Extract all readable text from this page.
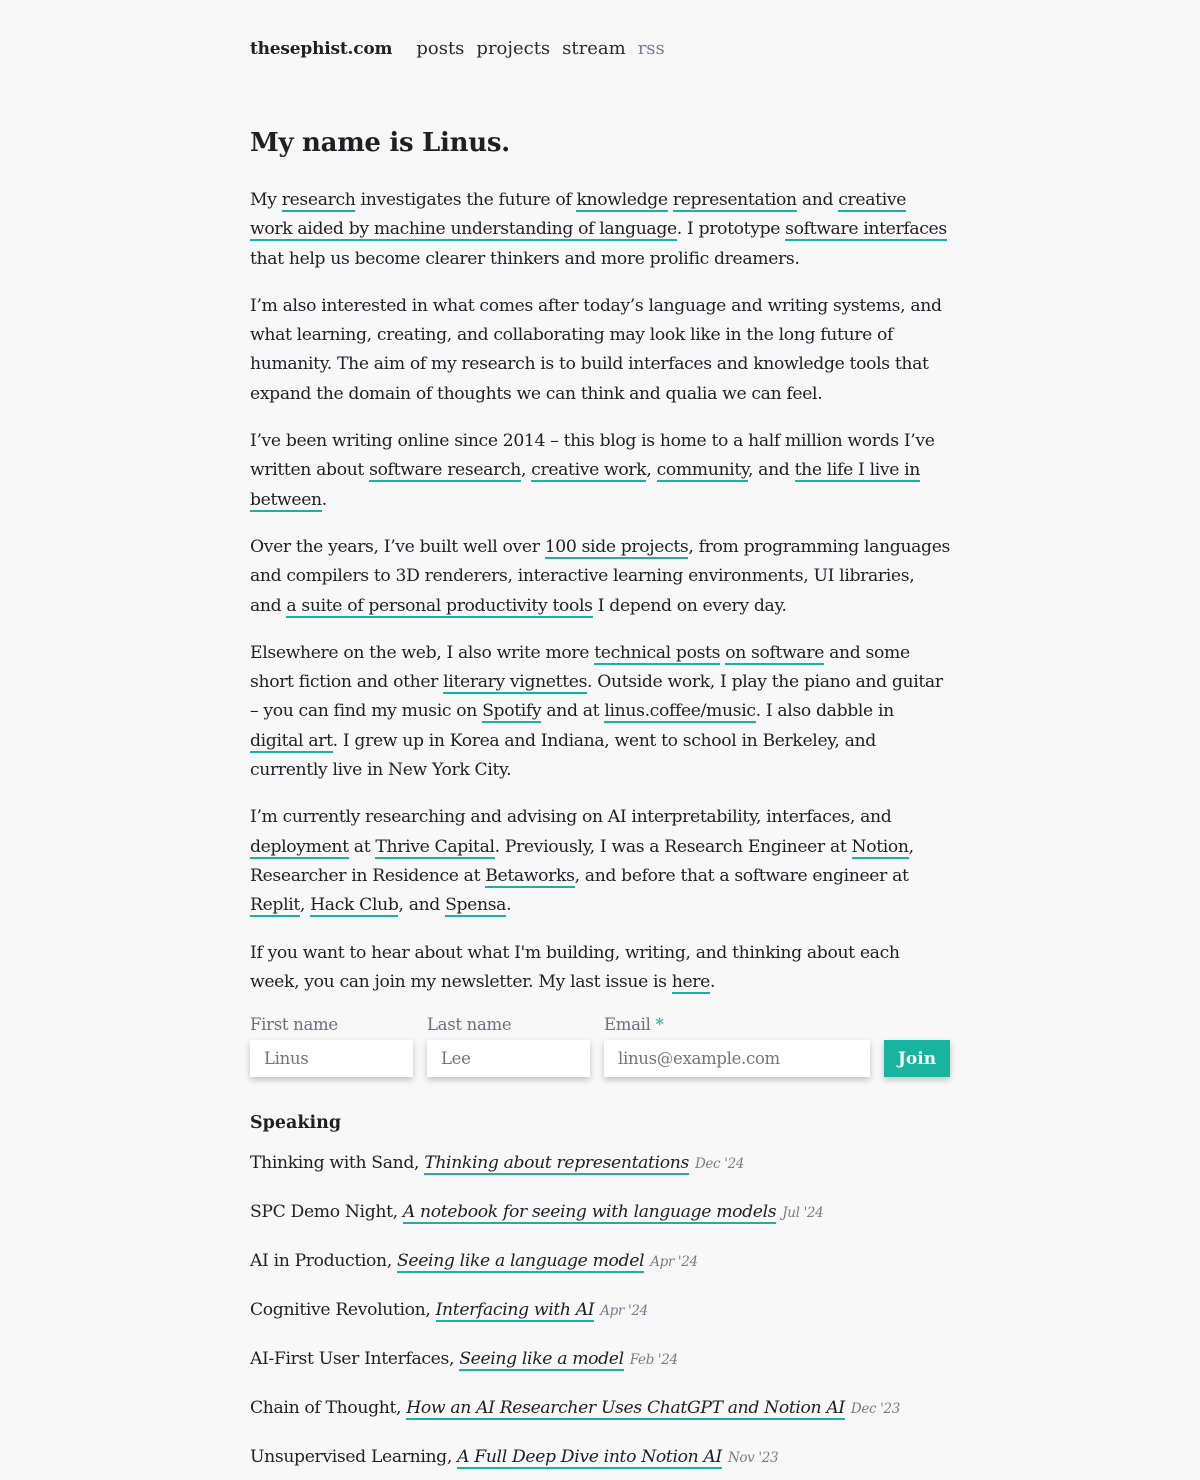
thesephist.com posts projects stream rss
My name is Linus.

My research investigates the future of knowledge representation and creative work aided by machine understanding of language. I prototype software interfaces that help us become clearer thinkers and more prolific dreamers.

I’m also interested in what comes after today’s language and writing systems, and what learning, creating, and collaborating may look like in the long future of humanity. The aim of my research is to build interfaces and knowledge tools that expand the domain of thoughts we can think and qualia we can feel.

I’ve been writing online since 2014 – this blog is home to a half million words I’ve written about software research, creative work, community, and the life I live in between.

Over the years, I’ve built well over 100 side projects, from programming languages and compilers to 3D renderers, interactive learning environments, UI libraries, and a suite of personal productivity tools I depend on every day.

Elsewhere on the web, I also write more technical posts on software and some short fiction and other literary vignettes. Outside work, I play the piano and guitar – you can find my music on Spotify and at linus.coffee/music. I also dabble in digital art. I grew up in Korea and Indiana, went to school in Berkeley, and currently live in New York City.

I’m currently researching and advising on AI interpretability, interfaces, and deployment at Thrive Capital. Previously, I was a Research Engineer at Notion, Researcher in Residence at Betaworks, and before that a software engineer at Replit, Hack Club, and Spensa.

If you want to hear about what I'm building, writing, and thinking about each week, you can join my newsletter. My last issue is here.

First name
Linus	Last name
Lee	Email *
linus@example.com
Join
Speaking
Thinking with Sand, Thinking about representations Dec '24
SPC Demo Night, A notebook for seeing with language models Jul '24
AI in Production, Seeing like a language model Apr '24
Cognitive Revolution, Interfacing with AI Apr '24
AI-First User Interfaces, Seeing like a model Feb '24
Chain of Thought, How an AI Researcher Uses ChatGPT and Notion AI Dec '23
Unsupervised Learning, A Full Deep Dive into Notion AI Nov '23
